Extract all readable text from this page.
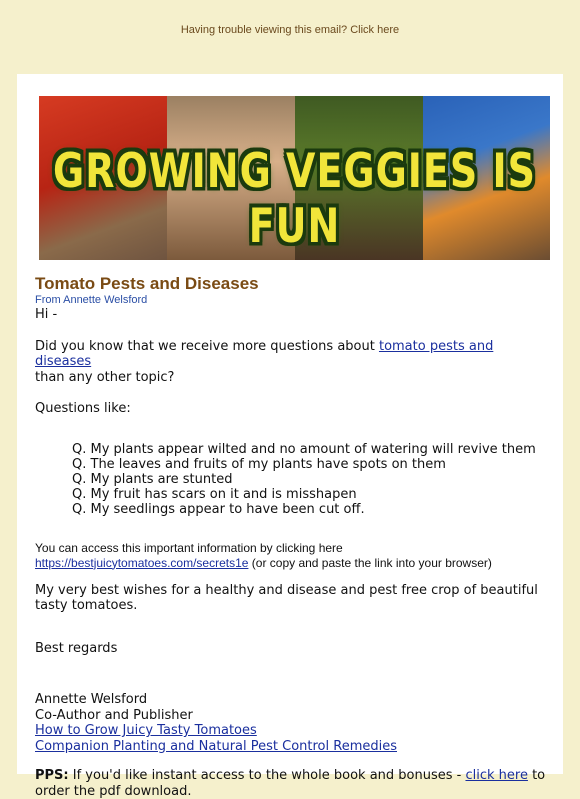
Having trouble viewing this email? Click here
GROWING VEGGIES IS FUN
Tomato Pests and Diseases
From Annette Welsford
Hi -
Did you know that we receive more questions about tomato pests and diseases
than any other topic?
Questions like:
Q. My plants appear wilted and no amount of watering will revive them
Q. The leaves and fruits of my plants have spots on them
Q. My plants are stunted
Q. My fruit has scars on it and is misshapen
Q. My seedlings appear to have been cut off.
You can access this important information by clicking here
https://bestjuicytomatoes.com/secrets1e (or copy and paste the link into your browser)
My very best wishes for a healthy and disease and pest free crop of beautiful tasty tomatoes.
Best regards
Annette Welsford
Co-Author and Publisher
How to Grow Juicy Tasty Tomatoes
Companion Planting and Natural Pest Control Remedies
PPS: If you'd like instant access to the whole book and bonuses - click here to order the pdf download.
